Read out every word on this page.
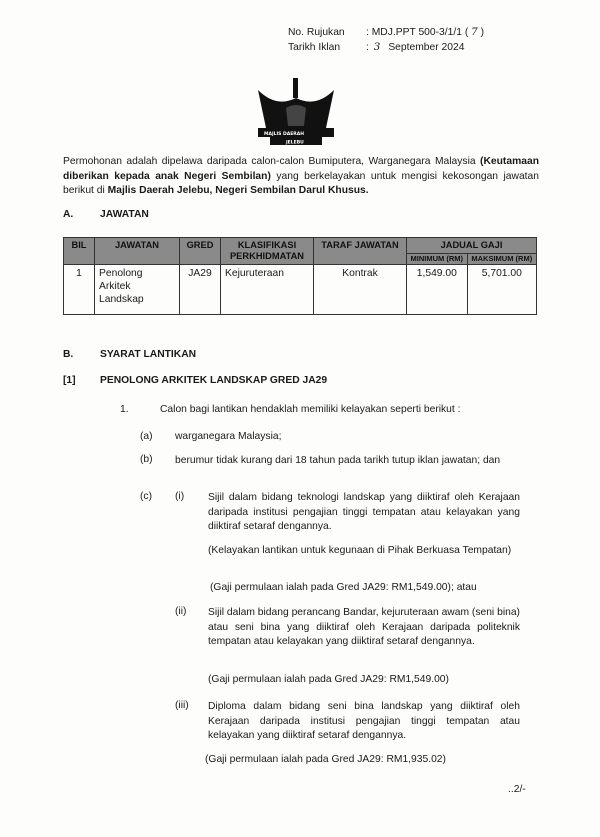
No. Rujukan : MDJ.PPT 500-3/1/1 ( 7 )
Tarikh Iklan	: 3 September 2024
MAJLIS DAERAH
JELEBU
Permohonan adalah dipelawa daripada calon-calon Bumiputera, Warganegara Malaysia (Keutamaan diberikan kepada anak Negeri Sembilan) yang berkelayakan untuk mengisi kekosongan jawatan berikut di Majlis Daerah Jelebu, Negeri Sembilan Darul Khusus.
A.	JAWATAN
BIL	JAWATAN	GRED	KLASIFIKASI PERKHIDMATAN	TARAF JAWATAN	JADUAL GAJI	
					MINIMUM (RM)	MAKSIMUM (RM)
1	Penolong Arkitek Landskap	JA29	Kejuruteraan	Kontrak	1,549.00	5,701.00
B.	SYARAT LANTIKAN
[1] PENOLONG ARKITEK LANDSKAP GRED JA29
1.	Calon bagi lantikan hendaklah memiliki kelayakan seperti berikut :
(a) warganegara Malaysia;
(b) berumur tidak kurang dari 18 tahun pada tarikh tutup iklan jawatan; dan
(c) (i) Sijil dalam bidang teknologi landskap yang diiktiraf oleh Kerajaan daripada institusi pengajian tinggi tempatan atau kelayakan yang diiktiraf setaraf dengannya.
(Kelayakan lantikan untuk kegunaan di Pihak Berkuasa Tempatan)
(Gaji permulaan ialah pada Gred JA29: RM1,549.00); atau
(ii) Sijil dalam bidang perancang Bandar, kejuruteraan awam (seni bina) atau seni bina yang diiktiraf oleh Kerajaan daripada politeknik tempatan atau kelayakan yang diiktiraf setaraf dengannya.
(Gaji permulaan ialah pada Gred JA29: RM1,549.00)
(iii) Diploma dalam bidang seni bina landskap yang diiktiraf oleh Kerajaan daripada institusi pengajian tinggi tempatan atau kelayakan yang diiktiraf setaraf dengannya.
(Gaji permulaan ialah pada Gred JA29: RM1,935.02)
..2/-
